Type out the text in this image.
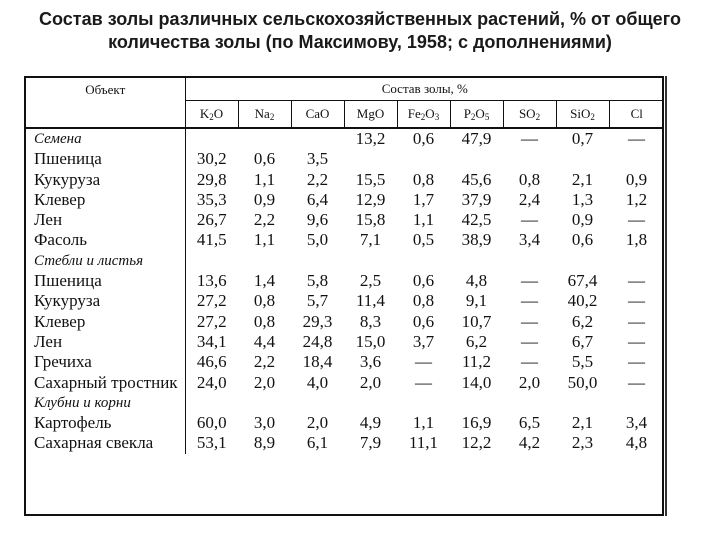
Состав золы различных сельскохозяйственных растений, % от общего
количества золы (по Максимову, 1958; с дополнениями)
Объект	Состав золы, %								
	$K_2O$	$Na_2$	CaO	MgO	$Fe_2O_3$	$P_2O_5$	$SO_2$	SiO$_2$	Cl
Семена				13,2	0,6	47,9	—	0,7	—
Пшеница	30,2	0,6	3,5						
Кукуруза	29,8	1,1	2,2	15,5	0,8	45,6	0,8	2,1	0,9
Клевер	35,3	0,9	6,4	12,9	1,7	37,9	2,4	1,3	1,2
Лен	26,7	2,2	9,6	15,8	1,1	42,5	—	0,9	—
Фасоль	41,5	1,1	5,0	7,1	0,5	38,9	3,4	0,6	1,8
Стебли и листья									
Пшеница	13,6	1,4	5,8	2,5	0,6	4,8	—	67,4	—
Кукуруза	27,2	0,8	5,7	11,4	0,8	9,1	—	40,2	—
Клевер	27,2	0,8	29,3	8,3	0,6	10,7	—	6,2	—
Лен	34,1	4,4	24,8	15,0	3,7	6,2	—	6,7	—
Гречиха	46,6	2,2	18,4	3,6	—	11,2	—	5,5	—
Сахарный тростник	24,0	2,0	4,0	2,0	—	14,0	2,0	50,0	—
Клубни и корни									
Картофель	60,0	3,0	2,0	4,9	1,1	16,9	6,5	2,1	3,4
Сахарная свекла	53,1	8,9	6,1	7,9	11,1	12,2	4,2	2,3	4,8
